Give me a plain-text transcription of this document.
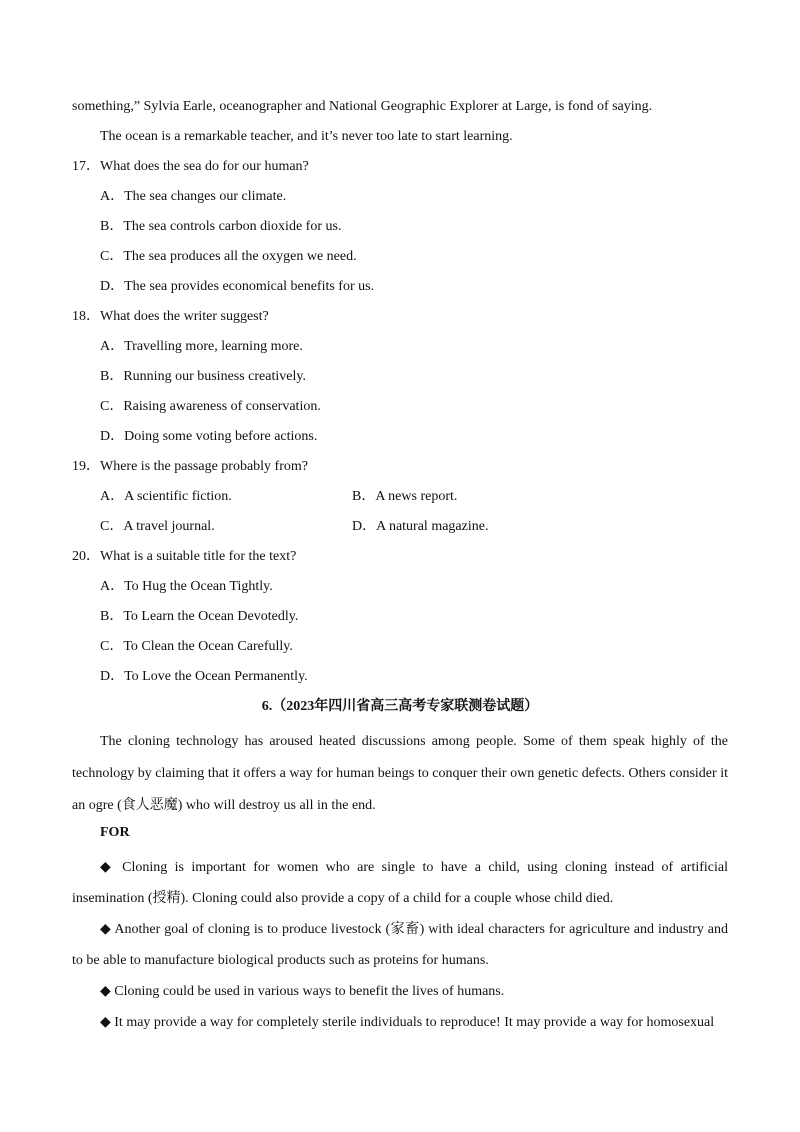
something,” Sylvia Earle, oceanographer and National Geographic Explorer at Large, is fond of saying.
The ocean is a remarkable teacher, and it’s never too late to start learning.
17．What does the sea do for our human?
A．The sea changes our climate.
B．The sea controls carbon dioxide for us.
C．The sea produces all the oxygen we need.
D．The sea provides economical benefits for us.
18．What does the writer suggest?
A．Travelling more, learning more.
B．Running our business creatively.
C．Raising awareness of conservation.
D．Doing some voting before actions.
19．Where is the passage probably from?
A．A scientific fiction.	B．A news report.
C．A travel journal.	D．A natural magazine.
20．What is a suitable title for the text?
A．To Hug the Ocean Tightly.
B．To Learn the Ocean Devotedly.
C．To Clean the Ocean Carefully.
D．To Love the Ocean Permanently.
6.（2023年四川省高三高考专家联测卷试题）

The cloning technology has aroused heated discussions among people. Some of them speak highly of the technology by claiming that it offers a way for human beings to conquer their own genetic defects. Others consider it an ogre (食人恶魔) who will destroy us all in the end.

FOR

◆ Cloning is important for women who are single to have a child, using cloning instead of artificial insemination (授精). Cloning could also provide a copy of a child for a couple whose child died.

◆ Another goal of cloning is to produce livestock (家畜) with ideal characters for agriculture and industry and to be able to manufacture biological products such as proteins for humans.

◆ Cloning could be used in various ways to benefit the lives of humans.

◆ It may provide a way for completely sterile individuals to reproduce! It may provide a way for homosexual
